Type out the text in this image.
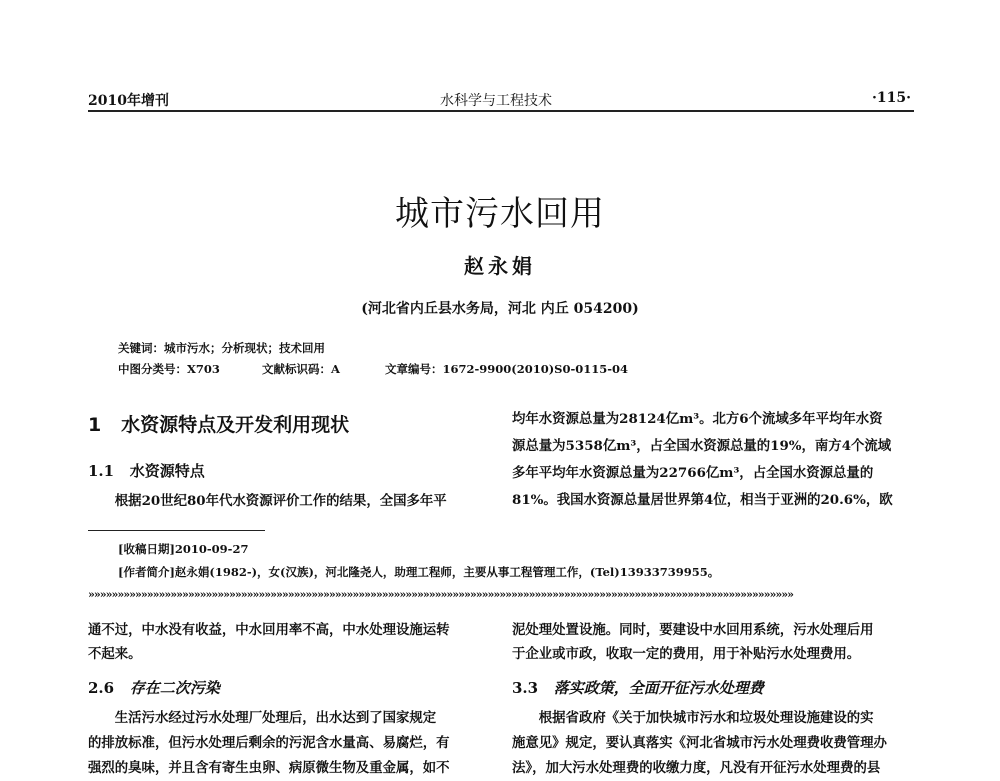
2010年增刊	水科学与工程技术	·115·
城市污水回用
赵永娟
(河北省内丘县水务局，河北 内丘 054200)
关键词：城市污水；分析现状；技术回用
中图分类号：X703	文献标识码：A	文章编号：1672-9900(2010)S0-0115-04
1 水资源特点及开发利用现状
1.1 水资源特点

根据20世纪80年代水资源评价工作的结果，全国多年平

均年水资源总量为28124亿m³。北方6个流域多年平均年水资

源总量为5358亿m³，占全国水资源总量的19%，南方4个流域

多年平均年水资源总量为22766亿m³，占全国水资源总量的

81%。我国水资源总量居世界第4位，相当于亚洲的20.6%，欧

[收稿日期]2010-09-27
[作者简介]赵永娟(1982-)，女(汉族)，河北隆尧人，助理工程师，主要从事工程管理工作，(Tel)13933739955。
»»»»»»»»»»»»»»»»»»»»»»»»»»»»»»»»»»»»»»»»»»»»»»»»»»»»»»»»»»»»»»»»»»»»»»»»»»»»»»»»»»»»»»»»»»»»»»»»»»»»»»»»»»»»»»»»»»»»»»»»

通不过，中水没有收益，中水回用率不高，中水处理设施运转

不起来。

2.6 存在二次污染

生活污水经过污水处理厂处理后，出水达到了国家规定

的排放标准，但污水处理后剩余的污泥含水量高、易腐烂，有

强烈的臭味，并且含有寄生虫卵、病原微生物及重金属，如不

泥处理处置设施。同时，要建设中水回用系统，污水处理后用

于企业或市政，收取一定的费用，用于补贴污水处理费用。

3.3 落实政策，全面开征污水处理费

根据省政府《关于加快城市污水和垃圾处理设施建设的实

施意见》规定，要认真落实《河北省城市污水处理费收费管理办

法》，加大污水处理费的收缴力度，凡没有开征污水处理费的县
